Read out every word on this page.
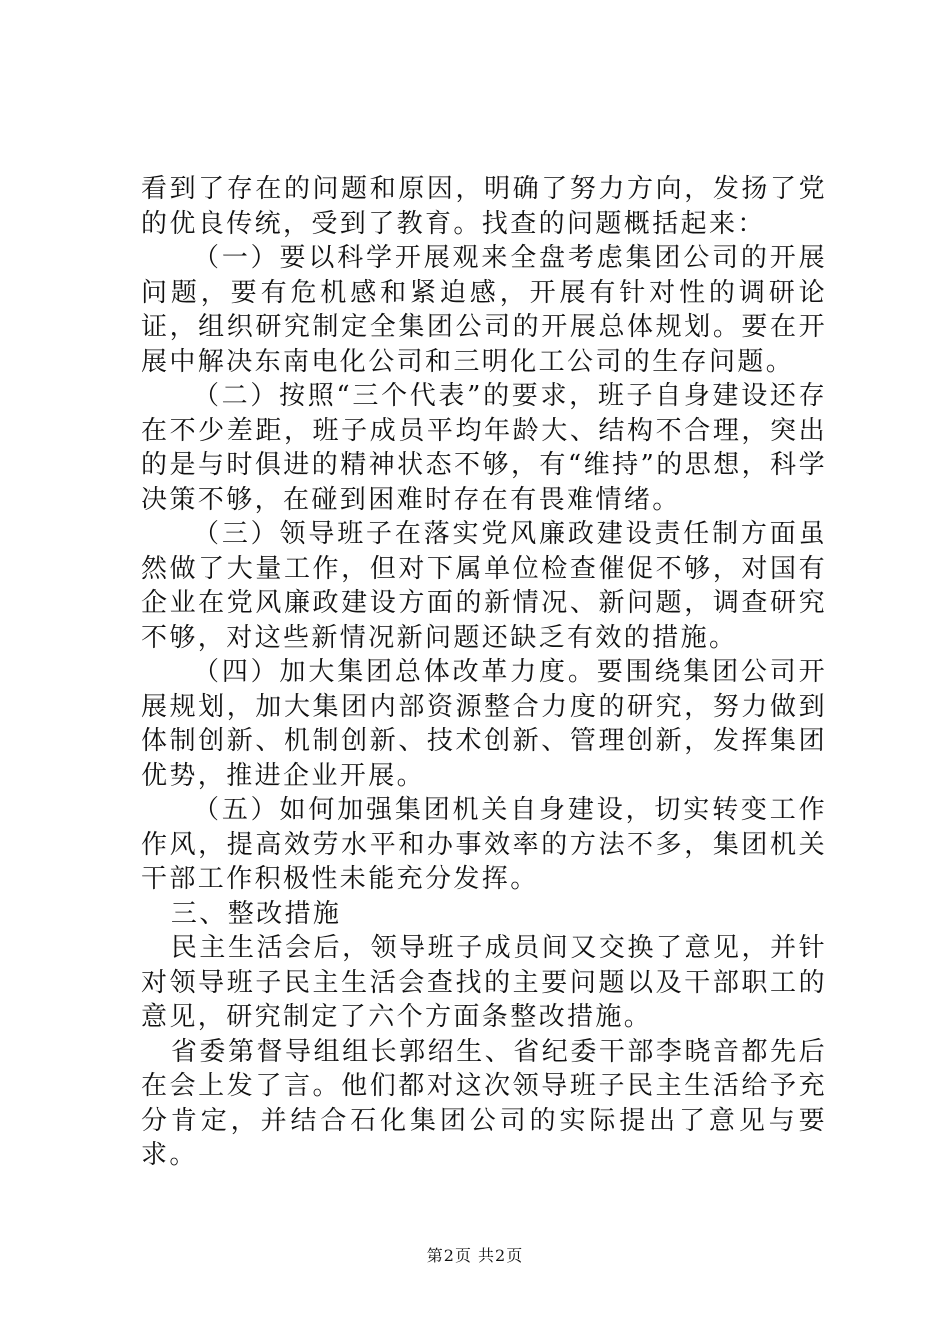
看到了存在的问题和原因，明确了努力方向，发扬了党的优良传统，受到了教育。找查的问题概括起来：

（一）要以科学开展观来全盘考虑集团公司的开展问题，要有危机感和紧迫感，开展有针对性的调研论证，组织研究制定全集团公司的开展总体规划。要在开展中解决东南电化公司和三明化工公司的生存问题。

（二）按照“三个代表”的要求，班子自身建设还存在不少差距，班子成员平均年龄大、结构不合理，突出的是与时俱进的精神状态不够，有“维持”的思想，科学决策不够，在碰到困难时存在有畏难情绪。

（三）领导班子在落实党风廉政建设责任制方面虽然做了大量工作，但对下属单位检查催促不够，对国有企业在党风廉政建设方面的新情况、新问题，调查研究不够，对这些新情况新问题还缺乏有效的措施。

（四）加大集团总体改革力度。要围绕集团公司开展规划，加大集团内部资源整合力度的研究，努力做到体制创新、机制创新、技术创新、管理创新，发挥集团优势，推进企业开展。

（五）如何加强集团机关自身建设，切实转变工作作风，提高效劳水平和办事效率的方法不多，集团机关干部工作积极性未能充分发挥。

三、整改措施

民主生活会后，领导班子成员间又交换了意见，并针对领导班子民主生活会查找的主要问题以及干部职工的意见，研究制定了六个方面条整改措施。

省委第督导组组长郭绍生、省纪委干部李晓音都先后在会上发了言。他们都对这次领导班子民主生活给予充分肯定，并结合石化集团公司的实际提出了意见与要求。

第2页 共2页
